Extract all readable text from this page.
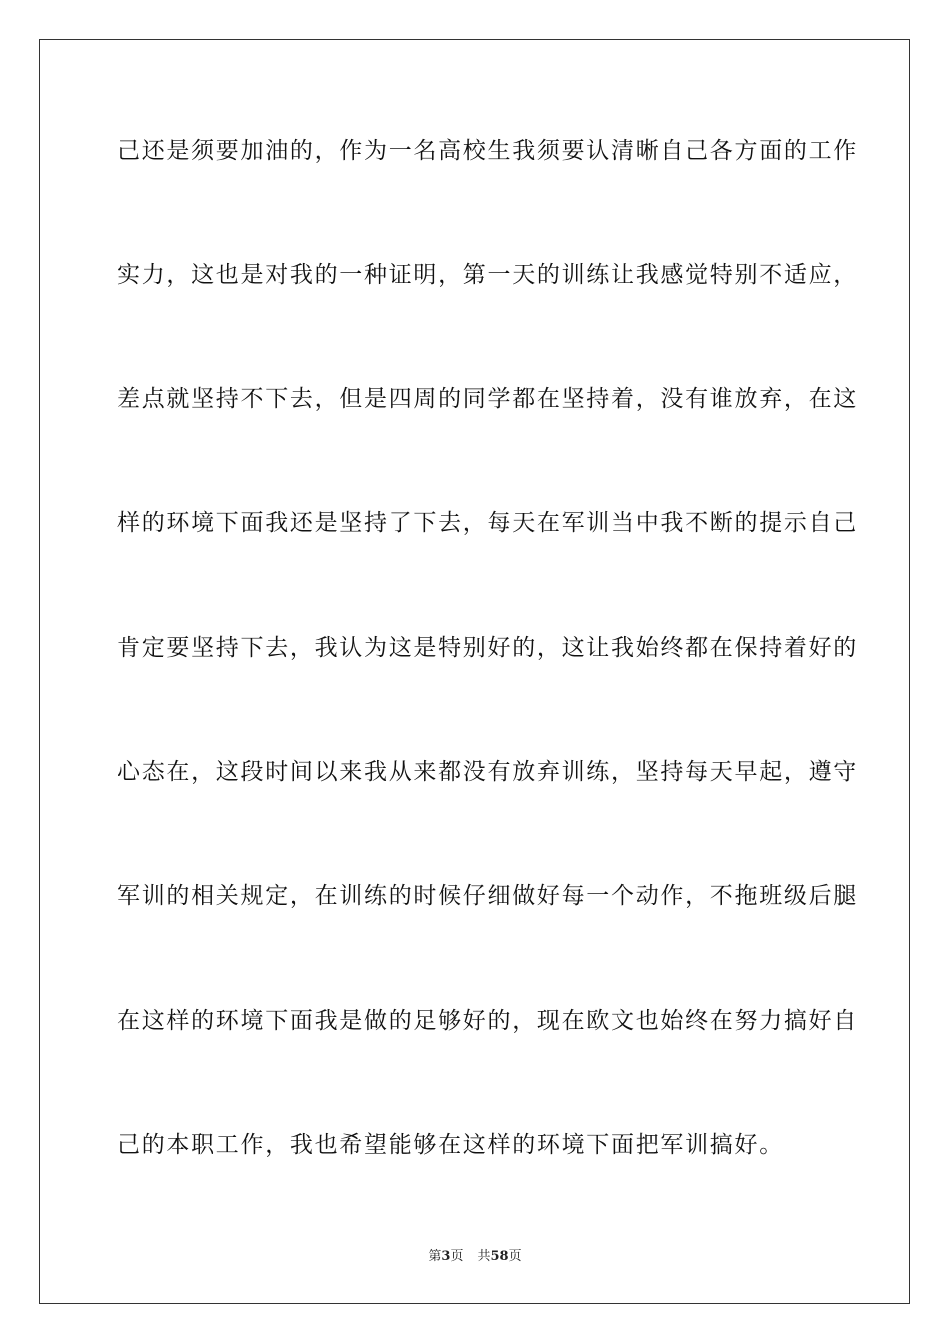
己还是须要加油的，作为一名高校生我须要认清晰自己各方面的工作
实力，这也是对我的一种证明，第一天的训练让我感觉特别不适应，
差点就坚持不下去，但是四周的同学都在坚持着，没有谁放弃，在这
样的环境下面我还是坚持了下去，每天在军训当中我不断的提示自己
肯定要坚持下去，我认为这是特别好的，这让我始终都在保持着好的
心态在，这段时间以来我从来都没有放弃训练，坚持每天早起，遵守
军训的相关规定，在训练的时候仔细做好每一个动作，不拖班级后腿
在这样的环境下面我是做的足够好的，现在欧文也始终在努力搞好自
己的本职工作，我也希望能够在这样的环境下面把军训搞好。
第3页 共58页
